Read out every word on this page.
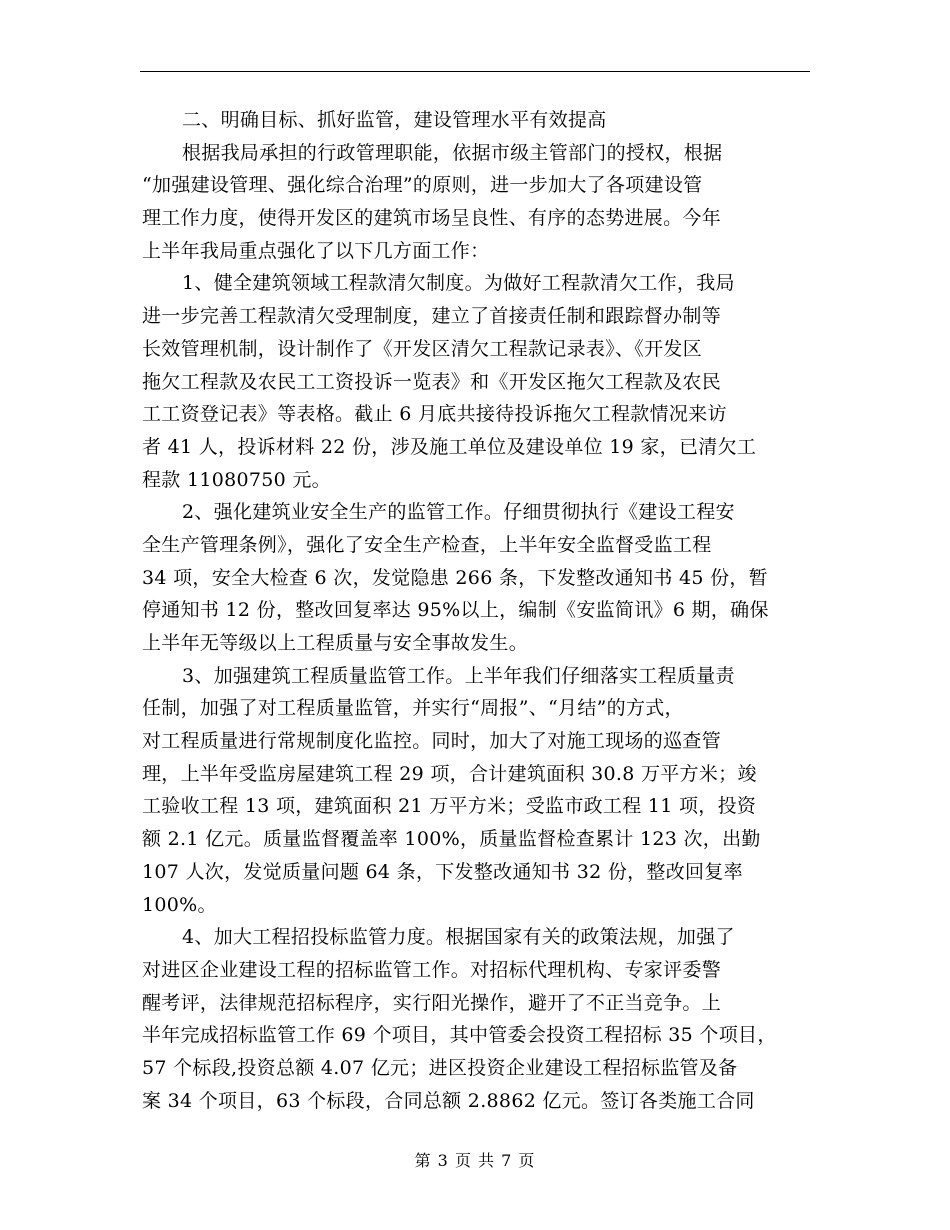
二、明确目标、抓好监管，建设管理水平有效提高
根据我局承担的行政管理职能，依据市级主管部门的授权，根据
“加强建设管理、强化综合治理”的原则，进一步加大了各项建设管
理工作力度，使得开发区的建筑市场呈良性、有序的态势进展。今年
上半年我局重点强化了以下几方面工作：
1、健全建筑领域工程款清欠制度。为做好工程款清欠工作，我局
进一步完善工程款清欠受理制度，建立了首接责任制和跟踪督办制等
长效管理机制，设计制作了《开发区清欠工程款记录表》、《开发区
拖欠工程款及农民工工资投诉一览表》和《开发区拖欠工程款及农民
工工资登记表》等表格。截止 6 月底共接待投诉拖欠工程款情况来访
者 41 人，投诉材料 22 份，涉及施工单位及建设单位 19 家，已清欠工
程款 11080750 元。
2、强化建筑业安全生产的监管工作。仔细贯彻执行《建设工程安
全生产管理条例》，强化了安全生产检查，上半年安全监督受监工程
34 项，安全大检查 6 次，发觉隐患 266 条，下发整改通知书 45 份，暂
停通知书 12 份，整改回复率达 95%以上，编制《安监简讯》6 期，确保
上半年无等级以上工程质量与安全事故发生。
3、加强建筑工程质量监管工作。上半年我们仔细落实工程质量责
任制，加强了对工程质量监管，并实行“周报”、“月结”的方式，
对工程质量进行常规制度化监控。同时，加大了对施工现场的巡查管
理，上半年受监房屋建筑工程 29 项，合计建筑面积 30.8 万平方米；竣
工验收工程 13 项，建筑面积 21 万平方米；受监市政工程 11 项，投资
额 2.1 亿元。质量监督覆盖率 100%，质量监督检查累计 123 次，出勤
107 人次，发觉质量问题 64 条，下发整改通知书 32 份，整改回复率
100%。
4、加大工程招投标监管力度。根据国家有关的政策法规，加强了
对进区企业建设工程的招标监管工作。对招标代理机构、专家评委警
醒考评，法律规范招标程序，实行阳光操作，避开了不正当竞争。上
半年完成招标监管工作 69 个项目，其中管委会投资工程招标 35 个项目，
57 个标段,投资总额 4.07 亿元；进区投资企业建设工程招标监管及备
案 34 个项目，63 个标段，合同总额 2.8862 亿元。签订各类施工合同
第 3 页 共 7 页
